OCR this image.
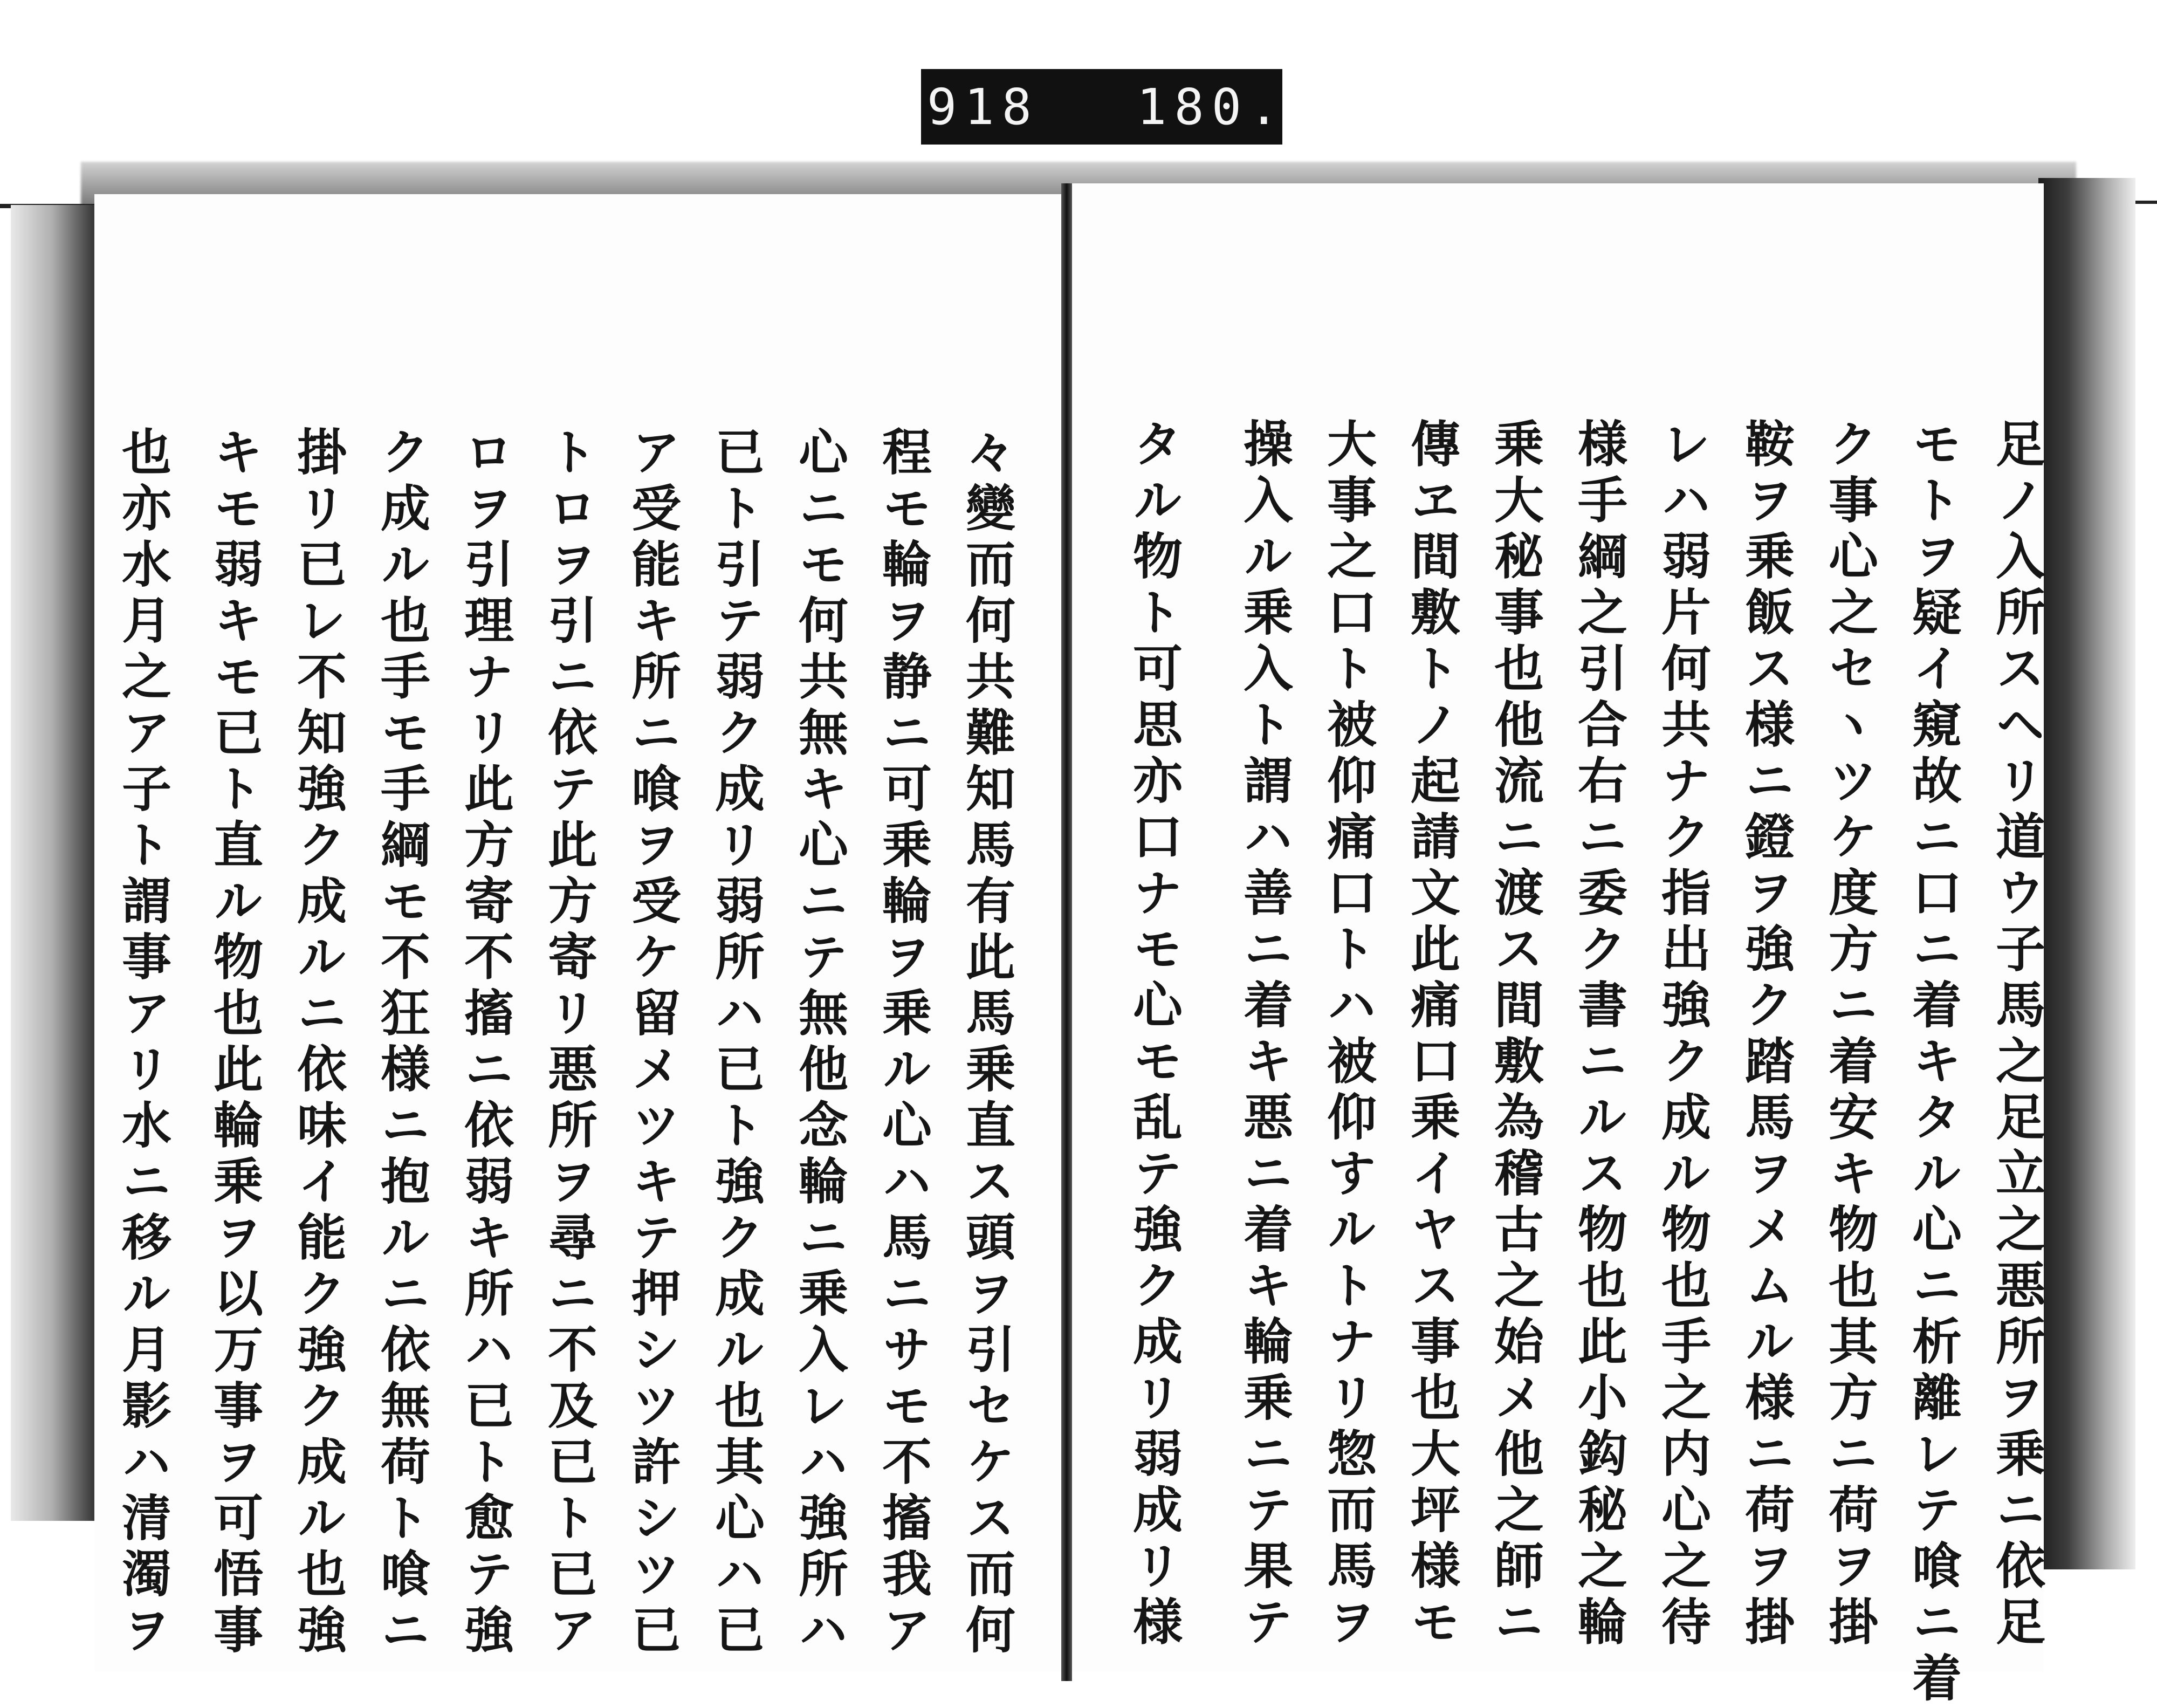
918 180.
足ノ入所スヘリ道ウ子馬之足立之悪所ヲ乗ニ依足
モトヲ疑イ窺故ニ口ニ着キタル心ニ析離レテ喰ニ着
ク事心之セヽツケ度方ニ着安キ物也其方ニ荷ヲ掛
鞍ヲ乗飯ス様ニ鐙ヲ強ク踏馬ヲメムル様ニ荷ヲ掛
レハ弱片何共ナク指出強ク成ル物也手之内心之待
様手綱之引合右ニ委ク書ニルス物也此小鈎秘之輪
乗大秘事也他流ニ渡ス間敷為稽古之始メ他之師ニ
傳ヱ間敷トノ起請文此痛口乗イヤス事也大坪様モ
大事之口ト被仰痛口トハ被仰すルトナリ惣而馬ヲ
操入ル乗入ト謂ハ善ニ着キ悪ニ着キ輪乗ニテ果テ
タル物ト可思亦口ナモ心モ乱テ強ク成リ弱成リ様
々變而何共難知馬有此馬乗直ス頭ヲ引セケス而何
程モ輪ヲ静ニ可乗輪ヲ乗ル心ハ馬ニサモ不搐我ア
心ニモ何共無キ心ニテ無他念輪ニ乗入レハ強所ハ
已ト引テ弱ク成リ弱所ハ已ト強ク成ル也其心ハ已
ア受能キ所ニ喰ヲ受ケ留メツキテ押シツ許シツ已
トロヲ引ニ依テ此方寄リ悪所ヲ尋ニ不及已ト已ア
ロヲ引理ナリ此方寄不搐ニ依弱キ所ハ已ト愈テ強
ク成ル也手モ手綱モ不狂様ニ抱ルニ依無荷ト喰ニ
掛リ已レ不知強ク成ルニ依味イ能ク強ク成ル也強
キモ弱キモ已ト直ル物也此輪乗ヲ以万事ヲ可悟事
也亦水月之ア子ト謂事アリ水ニ移ル月影ハ清濁ヲ
